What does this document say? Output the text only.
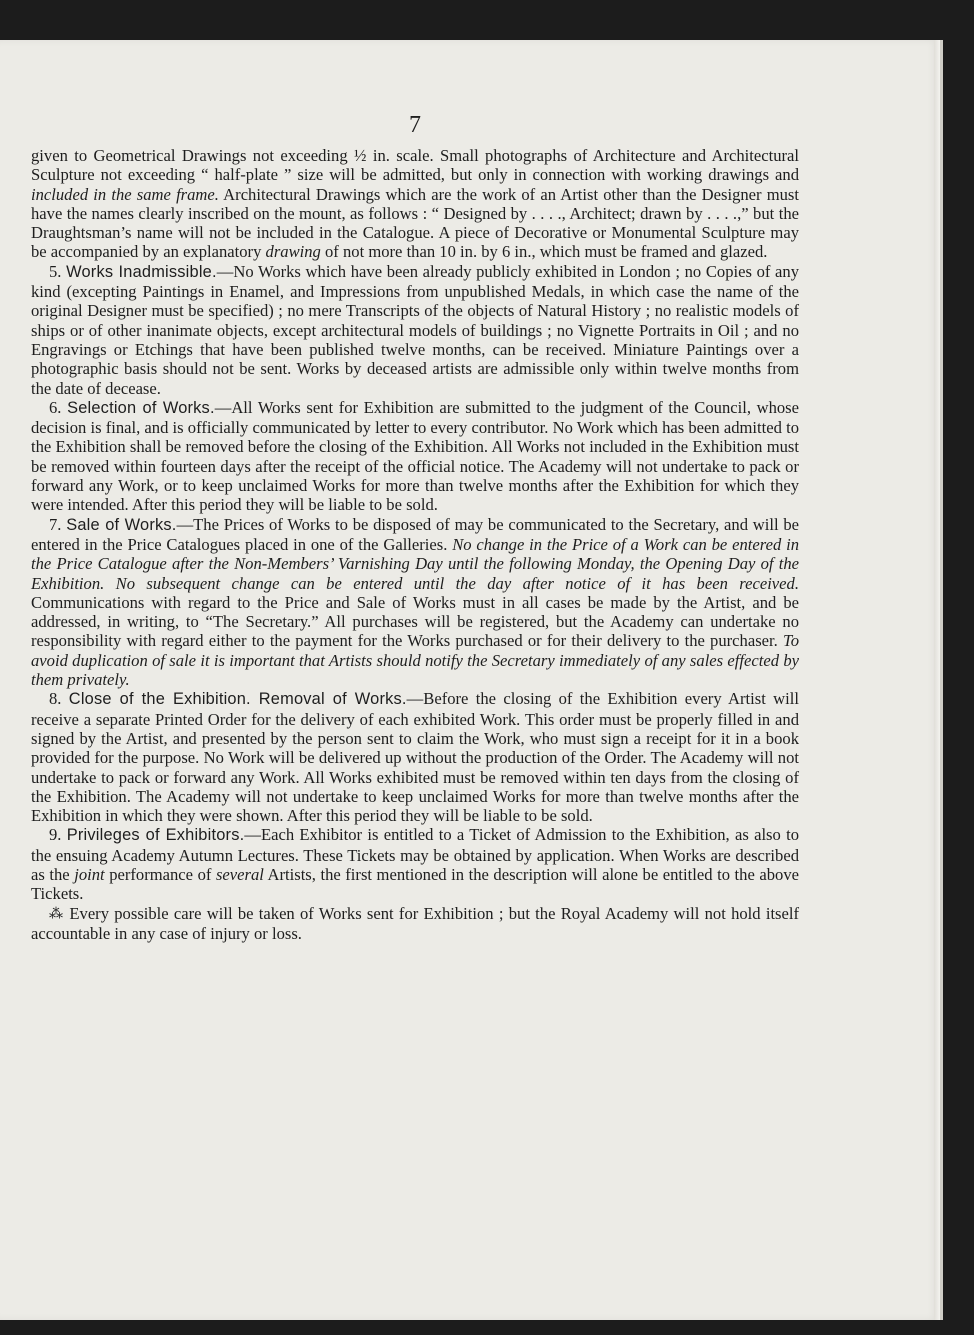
7

given to Geometrical Drawings not exceeding ½ in. scale. Small photographs of Architecture and Architectural Sculpture not exceeding “ half-plate ” size will be admitted, but only in connection with working drawings and included in the same frame. Architectural Drawings which are the work of an Artist other than the Designer must have the names clearly inscribed on the mount, as follows : “ Designed by . . . ., Architect; drawn by . . . .,” but the Draughtsman’s name will not be included in the Catalogue. A piece of Decorative or Monumental Sculpture may be accompanied by an explanatory drawing of not more than 10 in. by 6 in., which must be framed and glazed.

5. Works Inadmissible.—No Works which have been already publicly exhibited in London ; no Copies of any kind (excepting Paintings in Enamel, and Impressions from unpublished Medals, in which case the name of the original Designer must be specified) ; no mere Transcripts of the objects of Natural History ; no realistic models of ships or of other inanimate objects, except architectural models of buildings ; no Vignette Portraits in Oil ; and no Engravings or Etchings that have been published twelve months, can be received. Miniature Paintings over a photographic basis should not be sent. Works by deceased artists are admissible only within twelve months from the date of decease.

6. Selection of Works.—All Works sent for Exhibition are submitted to the judgment of the Council, whose decision is final, and is officially communicated by letter to every contributor. No Work which has been admitted to the Exhibition shall be removed before the closing of the Exhibition. All Works not included in the Exhibition must be removed within fourteen days after the receipt of the official notice. The Academy will not undertake to pack or forward any Work, or to keep unclaimed Works for more than twelve months after the Exhibition for which they were intended. After this period they will be liable to be sold.

7. Sale of Works.—The Prices of Works to be disposed of may be communicated to the Secretary, and will be entered in the Price Catalogues placed in one of the Galleries. No change in the Price of a Work can be entered in the Price Catalogue after the Non-Members’ Varnishing Day until the following Monday, the Opening Day of the Exhibition. No subsequent change can be entered until the day after notice of it has been received. Communications with regard to the Price and Sale of Works must in all cases be made by the Artist, and be addressed, in writing, to “The Secretary.” All purchases will be registered, but the Academy can undertake no responsibility with regard either to the payment for the Works purchased or for their delivery to the purchaser. To avoid duplication of sale it is important that Artists should notify the Secretary immediately of any sales effected by them privately.

8. Close of the Exhibition. Removal of Works.—Before the closing of the Exhibition every Artist will receive a separate Printed Order for the delivery of each exhibited Work. This order must be properly filled in and signed by the Artist, and presented by the person sent to claim the Work, who must sign a receipt for it in a book provided for the purpose. No Work will be delivered up without the production of the Order. The Academy will not undertake to pack or forward any Work. All Works exhibited must be removed within ten days from the closing of the Exhibition. The Academy will not undertake to keep unclaimed Works for more than twelve months after the Exhibition in which they were shown. After this period they will be liable to be sold.

9. Privileges of Exhibitors.—Each Exhibitor is entitled to a Ticket of Admission to the Exhibition, as also to the ensuing Academy Autumn Lectures. These Tickets may be obtained by application. When Works are described as the joint performance of several Artists, the first mentioned in the description will alone be entitled to the above Tickets.

⁂ Every possible care will be taken of Works sent for Exhibition ; but the Royal Academy will not hold itself accountable in any case of injury or loss.
